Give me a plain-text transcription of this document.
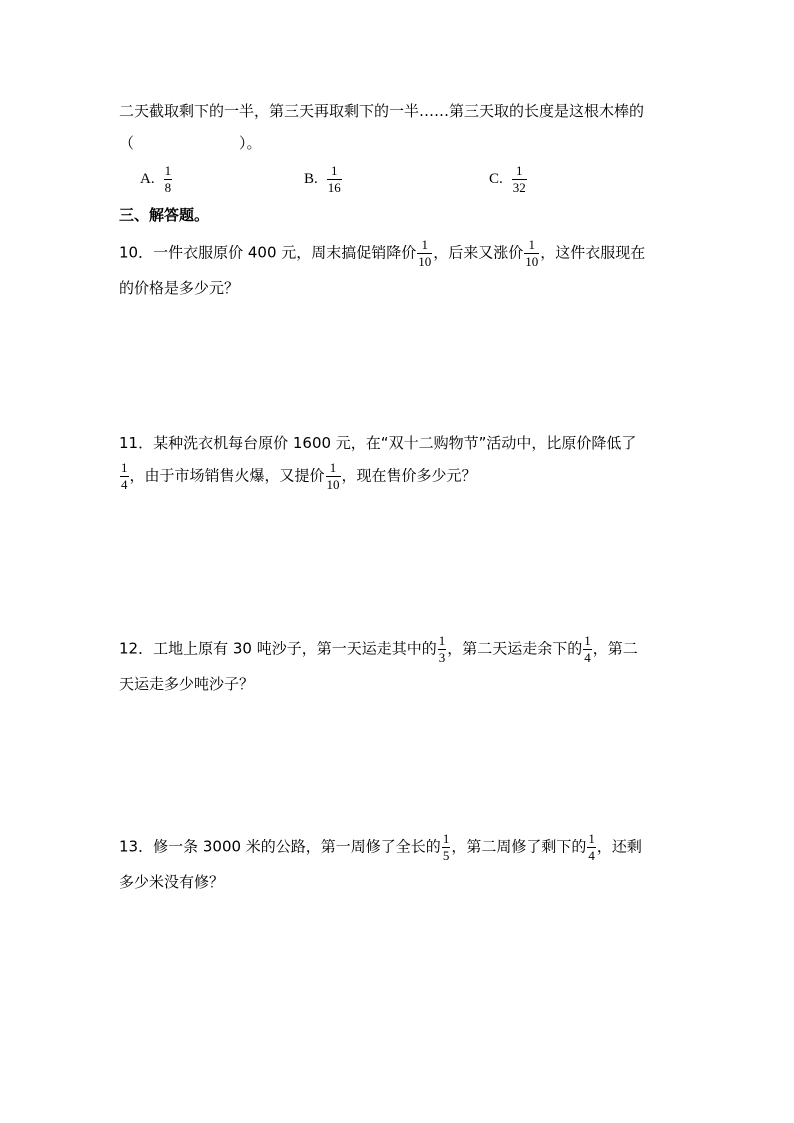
二天截取剩下的一半，第三天再取剩下的一半……第三天取的长度是这根木棒的
（　　　　　　　）。
A. $\frac{1}{8}$	B. $\frac{1}{16}$	C. $\frac{1}{32}$
三、解答题。
10．一件衣服原价 400 元，周末搞促销降价 $\frac{1}{10}$ ，后来又涨价 $\frac{1}{10}$ ，这件衣服现在
的价格是多少元？
11．某种洗衣机每台原价 1600 元，在“双十二购物节”活动中，比原价降低了
$\frac{1}{4}$ ，由于市场销售火爆，又提价 $\frac{1}{10}$ ，现在售价多少元？
12．工地上原有 30 吨沙子，第一天运走其中的 $\frac{1}{3}$ ，第二天运走余下的 $\frac{1}{4}$ ，第二
天运走多少吨沙子？
13．修一条 3000 米的公路，第一周修了全长的 $\frac{1}{5}$ ，第二周修了剩下的 $\frac{1}{4}$ ，还剩
多少米没有修？
